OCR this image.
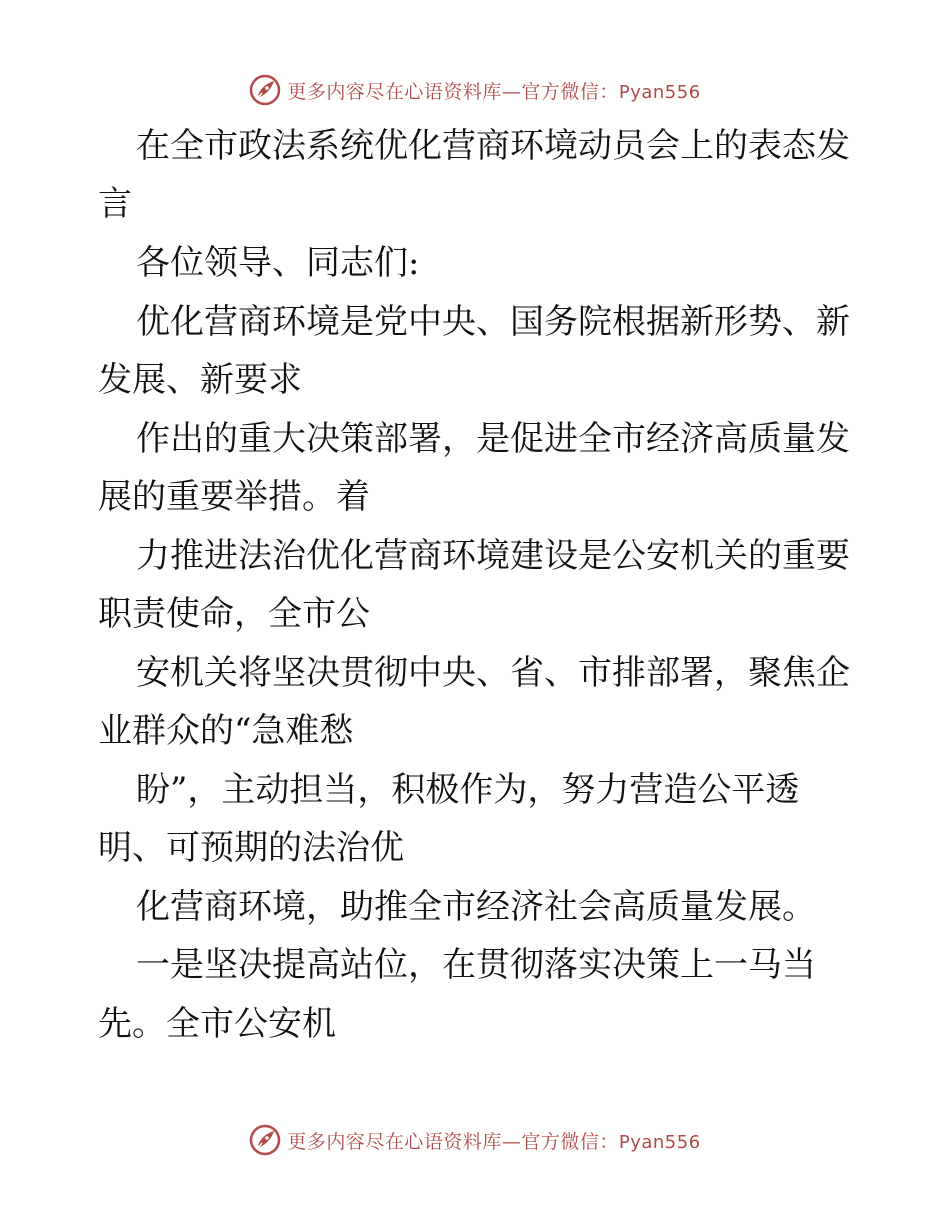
更多内容尽在心语资料库—官方微信：Pyan556
在全市政法系统优化营商环境动员会上的表态发
言
各位领导、同志们:
优化营商环境是党中央、国务院根据新形势、新
发展、新要求
作出的重大决策部署，是促进全市经济高质量发
展的重要举措。着
力推进法治优化营商环境建设是公安机关的重要
职责使命，全市公
安机关将坚决贯彻中央、省、市排部署，聚焦企
业群众的“急难愁
盼”，主动担当，积极作为，努力营造公平透
明、可预期的法治优
化营商环境，助推全市经济社会高质量发展。
一是坚决提高站位，在贯彻落实决策上一马当
先。全市公安机
更多内容尽在心语资料库—官方微信：Pyan556
